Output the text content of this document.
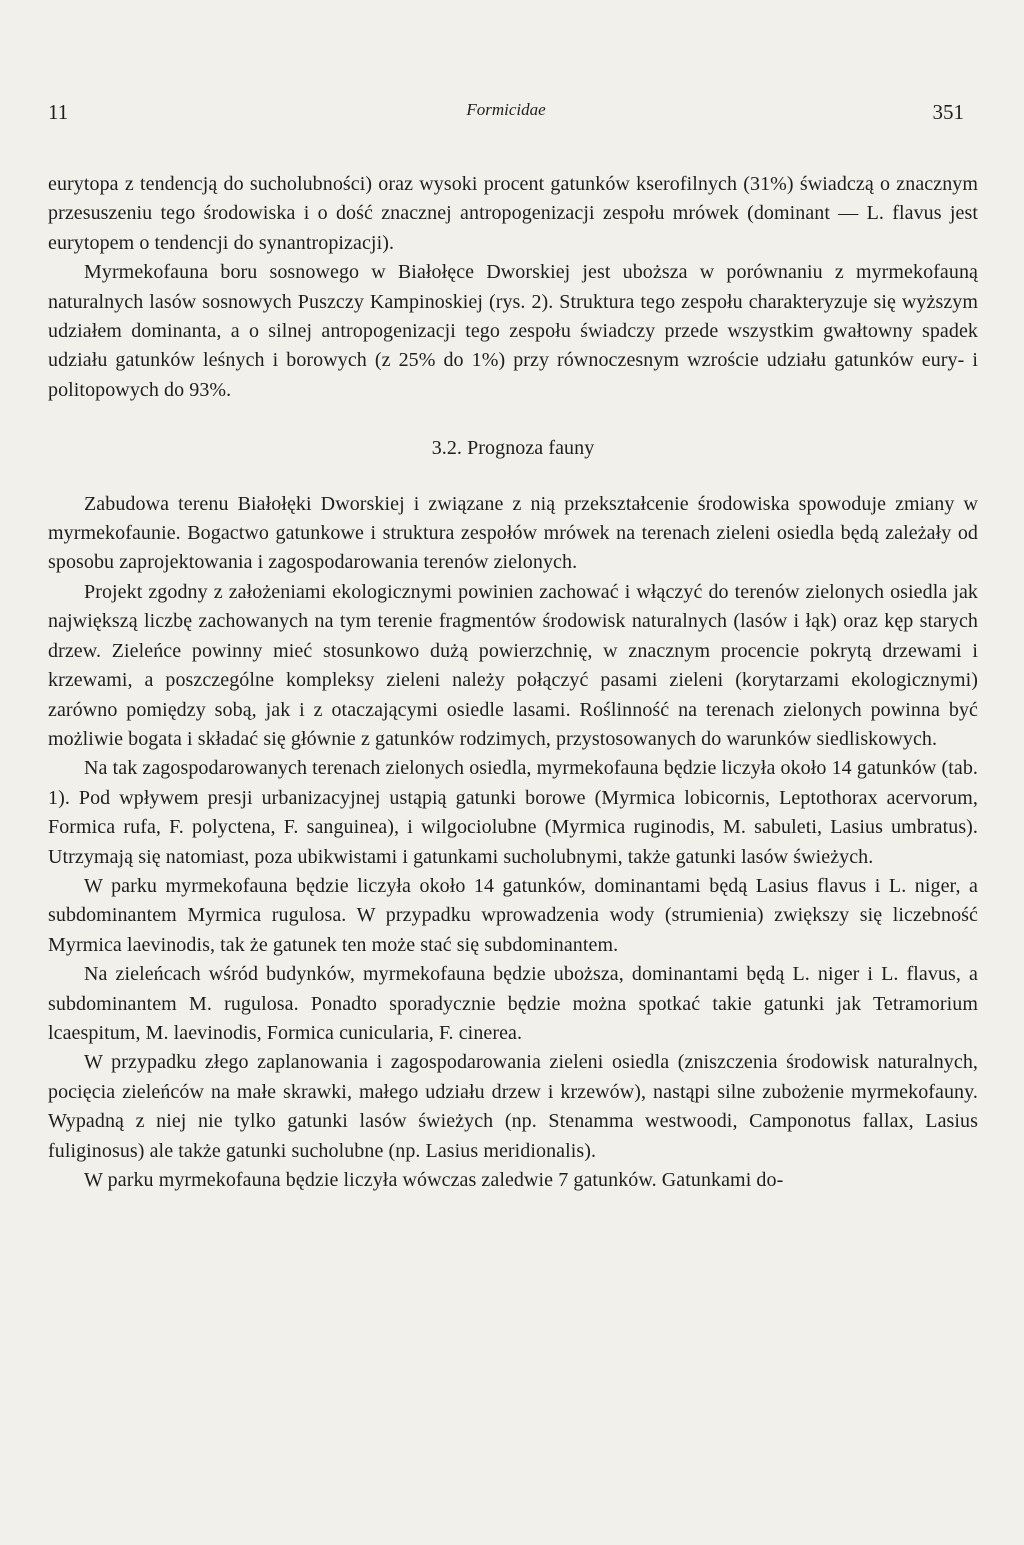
11	Formicidae	351

eurytopa z tendencją do sucholubności) oraz wysoki procent gatunków kserofilnych (31%) świadczą o znacznym przesuszeniu tego środowiska i o dość znacznej antropogenizacji zespołu mrówek (dominant — L. flavus jest eurytopem o tendencji do synantropizacji).

Myrmekofauna boru sosnowego w Białołęce Dworskiej jest uboższa w porównaniu z myrmekofauną naturalnych lasów sosnowych Puszczy Kampinoskiej (rys. 2). Struktura tego zespołu charakteryzuje się wyższym udziałem dominanta, a o silnej antropogenizacji tego zespołu świadczy przede wszystkim gwałtowny spadek udziału gatunków leśnych i borowych (z 25% do 1%) przy równoczesnym wzroście udziału gatunków eury- i politopowych do 93%.

3.2. Prognoza fauny

Zabudowa terenu Białołęki Dworskiej i związane z nią przekształcenie środowiska spowoduje zmiany w myrmekofaunie. Bogactwo gatunkowe i struktura zespołów mrówek na terenach zieleni osiedla będą zależały od sposobu zaprojektowania i zagospodarowania terenów zielonych.

Projekt zgodny z założeniami ekologicznymi powinien zachować i włączyć do terenów zielonych osiedla jak największą liczbę zachowanych na tym terenie fragmentów środowisk naturalnych (lasów i łąk) oraz kęp starych drzew. Zieleńce powinny mieć stosunkowo dużą powierzchnię, w znacznym procencie pokrytą drzewami i krzewami, a poszczególne kompleksy zieleni należy połączyć pasami zieleni (korytarzami ekologicznymi) zarówno pomiędzy sobą, jak i z otaczającymi osiedle lasami. Roślinność na terenach zielonych powinna być możliwie bogata i składać się głównie z gatunków rodzimych, przystosowanych do warunków siedliskowych.

Na tak zagospodarowanych terenach zielonych osiedla, myrmekofauna będzie liczyła około 14 gatunków (tab. 1). Pod wpływem presji urbanizacyjnej ustąpią gatunki borowe (Myrmica lobicornis, Leptothorax acervorum, Formica rufa, F. polyctena, F. sanguinea), i wilgociolubne (Myrmica ruginodis, M. sabuleti, Lasius umbratus). Utrzymają się natomiast, poza ubikwistami i gatunkami sucholubnymi, także gatunki lasów świeżych.

W parku myrmekofauna będzie liczyła około 14 gatunków, dominantami będą Lasius flavus i L. niger, a subdominantem Myrmica rugulosa. W przypadku wprowadzenia wody (strumienia) zwiększy się liczebność Myrmica laevinodis, tak że gatunek ten może stać się subdominantem.

Na zieleńcach wśród budynków, myrmekofauna będzie uboższa, dominantami będą L. niger i L. flavus, a subdominantem M. rugulosa. Ponadto sporadycznie będzie można spotkać takie gatunki jak Tetramorium lcaespitum, M. laevinodis, Formica cunicularia, F. cinerea.

W przypadku złego zaplanowania i zagospodarowania zieleni osiedla (zniszczenia środowisk naturalnych, pocięcia zieleńców na małe skrawki, małego udziału drzew i krzewów), nastąpi silne zubożenie myrmekofauny. Wypadną z niej nie tylko gatunki lasów świeżych (np. Stenamma westwoodi, Camponotus fallax, Lasius fuliginosus) ale także gatunki sucholubne (np. Lasius meridionalis).

W parku myrmekofauna będzie liczyła wówczas zaledwie 7 gatunków. Gatunkami do-
